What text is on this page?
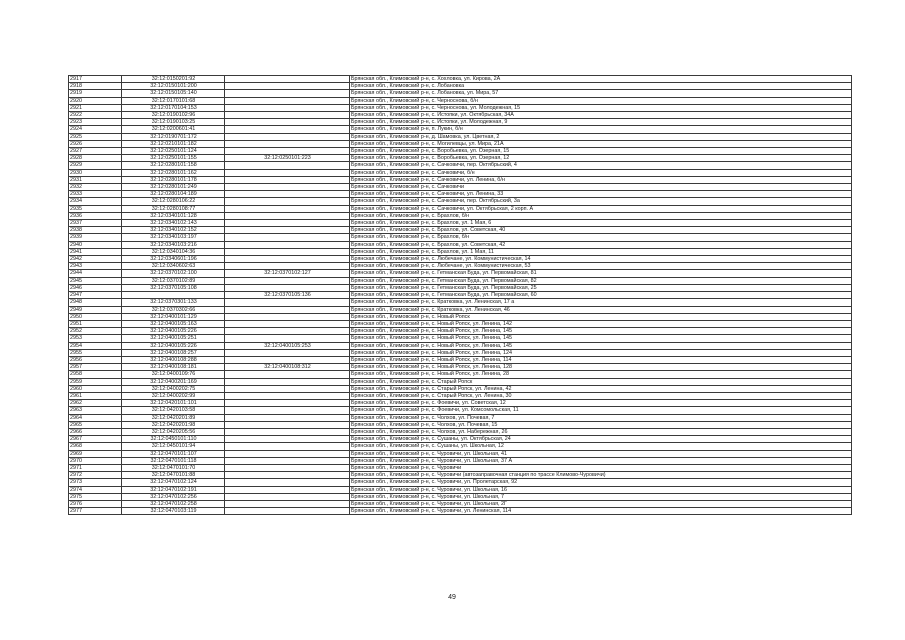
2917	32:12:0150201:92		Брянская обл., Климовский р-н, с. Хохловка, ул. Кирова, 2А
2918	32:12:0150101:200		Брянская обл., Климовский р-н, с. Лобановка
2919	32:12:0150105:140		Брянская обл., Климовский р-н, с. Лобановка, ул. Мира, 57
2920	32:12:0170101:68		Брянская обл., Климовский р-н, с. Черноснова, б/н
2921	32:12:0170104:153		Брянская обл., Климовский р-н, с. Черноснова, ул. Молодежная, 15
2922	32:12:0190102:96		Брянская обл., Климовский р-н, с. Истопки, ул. Октябрьская, 34А
2923	32:12:0190103:25		Брянская обл., Климовский р-н, с. Истопки, ул. Молодежная, 9
2924	32:12:0200601:41		Брянская обл., Климовский р-н, п. Лукин, б/н
2925	32:12:0190701:172		Брянская обл., Климовский р-н, д. Шамовка, ул. Цветная, 2
2926	32:12:0210101:182		Брянская обл., Климовский р-н, с. Могилевцы, ул. Мира, 21А
2927	32:12:0250101:124		Брянская обл., Климовский р-н, с. Воробьевка, ул. Озерная, 15
2928	32:12:0250101:155	32:12:0250101:223	Брянская обл., Климовский р-н, с. Воробьевка, ул. Озерная, 12
2929	32:12:0280101:158		Брянская обл., Климовский р-н, с. Сачковичи, пер. Октябрьский, 4
2930	32:12:0280101:162		Брянская обл., Климовский р-н, с. Сачковичи, б/н
2931	32:12:0280101:178		Брянская обл., Климовский р-н, с. Сачковичи, ул. Ленина, б/н
2932	32:12:0280101:249		Брянская обл., Климовский р-н, с. Сачковичи
2933	32:12:0280104:189		Брянская обл., Климовский р-н, с. Сачковичи, ул. Ленина, 33
2934	32:12:0280106:22		Брянская обл., Климовский р-н, с. Сачковичи, пер. Октябрьский, 3а
2935	32:12:0280108:77		Брянская обл., Климовский р-н, с. Сачковичи, ул. Октябрьская, 2 корп. А
2936	32:12:0340101:128		Брянская обл., Климовский р-н, с. Брахлов, б/н
2937	32:12:0340102:143		Брянская обл., Климовский р-н, с. Брахлов, ул. 1 Мая, 6
2938	32:12:0340102:152		Брянская обл., Климовский р-н, с. Брахлов, ул. Советская, 40
2939	32:12:0340103:197		Брянская обл., Климовский р-н, с. Брахлов, б/н
2940	32:12:0340103:216		Брянская обл., Климовский р-н, с. Брахлов, ул. Советская, 42
2941	32:12:0340104:36		Брянская обл., Климовский р-н, с. Брахлов, ул. 1 Мая, 11
2942	32:12:0340601:196		Брянская обл., Климовский р-н, с. Любечане, ул. Коммунистическая, 14
2943	32:12:0340602:63		Брянская обл., Климовский р-н, с. Любечане, ул. Коммунистическая, 53
2944	32:12:0370102:100	32:12:0370102:127	Брянская обл., Климовский р-н, с. Гетманская Буда, ул. Первомайская, 81
2945	32:12:0370102:89		Брянская обл., Климовский р-н, с. Гетманская Буда, ул. Первомайская, 82
2946	32:12:0370105:108		Брянская обл., Климовский р-н, с. Гетманская Буда, ул. Первомайская, 25
2947		32:12:0370105:136	Брянская обл., Климовский р-н, с. Гетманская Буда, ул. Первомайская, 60
2948	32:12:0370301:133		Брянская обл., Климовский р-н, с. Кратковка, ул. Ленинская, 17 а
2949	32:12:0370302:66		Брянская обл., Климовский р-н, с. Кратковка, ул. Ленинская, 46
2950	32:12:0400101:129		Брянская обл., Климовский р-н, с. Новый Ропск
2951	32:12:0400105:163		Брянская обл., Климовский р-н, с. Новый Ропск, ул. Ленина, 142
2952	32:12:0400105:226		Брянская обл., Климовский р-н, с. Новый Ропск, ул. Ленина, 145
2953	32:12:0400105:251		Брянская обл., Климовский р-н, с. Новый Ропск, ул. Ленина, 145
2954	32:12:0400105:226	32:12:0400105:253	Брянская обл., Климовский р-н, с. Новый Ропск, ул. Ленина, 145
2955	32:12:0400108:257		Брянская обл., Климовский р-н, с. Новый Ропск, ул. Ленина, 124
2956	32:12:0400108:288		Брянская обл., Климовский р-н, с. Новый Ропск, ул. Ленина, 114
2957	32:12:0400108:181	32:12:0400108:312	Брянская обл., Климовский р-н, с. Новый Ропск, ул. Ленина, 128
2958	32:12:0400109:76		Брянская обл., Климовский р-н, с. Новый Ропск, ул. Ленина, 28
2959	32:12:0400201:169		Брянская обл., Климовский р-н, с. Старый Ропск
2960	32:12:0400202:75		Брянская обл., Климовский р-н, с. Старый Ропск, ул. Ленина, 42
2961	32:12:0400202:99		Брянская обл., Климовский р-н, с. Старый Ропск, ул. Ленина, 30
2962	32:12:0420101:101		Брянская обл., Климовский р-н, с. Фоевичи, ул. Советская, 12
2963	32:12:0420103:58		Брянская обл., Климовский р-н, с. Фоевичи, ул. Комсомольская, 11
2964	32:12:0420201:89		Брянская обл., Климовский р-н, с. Чолхов, ул. Почевая, 7
2965	32:12:0420201:98		Брянская обл., Климовский р-н, с. Чолхов, ул. Почевая, 15
2966	32:12:0420205:56		Брянская обл., Климовский р-н, с. Чолхов, ул. Набережная, 26
2967	32:12:0450101:110		Брянская обл., Климовский р-н, с. Сушаны, ул. Октябрьская, 24
2968	32:12:0450101:94		Брянская обл., Климовский р-н, с. Сушаны, ул. Школьная, 12
2969	32:12:0470101:107		Брянская обл., Климовский р-н, с. Чуровичи, ул. Школьная, 41
2970	32:12:0470101:118		Брянская обл., Климовский р-н, с. Чуровичи, ул. Школьная, 37 А
2971	32:12:0470101:70		Брянская обл., Климовский р-н, с. Чуровичи
2972	32:12:0470101:88		Брянская обл., Климовский р-н, с. Чуровичи (автозаправочная станция по трассе Климово-Чуровичи)
2973	32:12:0470102:124		Брянская обл., Климовский р-н, с. Чуровичи, ул. Пролетарская, 92
2974	32:12:0470102:191		Брянская обл., Климовский р-н, с. Чуровичи, ул. Школьная, 16
2975	32:12:0470102:256		Брянская обл., Климовский р-н, с. Чуровичи, ул. Школьная, 7
2976	32:12:0470102:258		Брянская обл., Климовский р-н, с. Чуровичи, ул. Школьная, 2Г
2977	32:12:0470103:119		Брянская обл., Климовский р-н, с. Чуровичи, ул. Ленинская, 114
49
